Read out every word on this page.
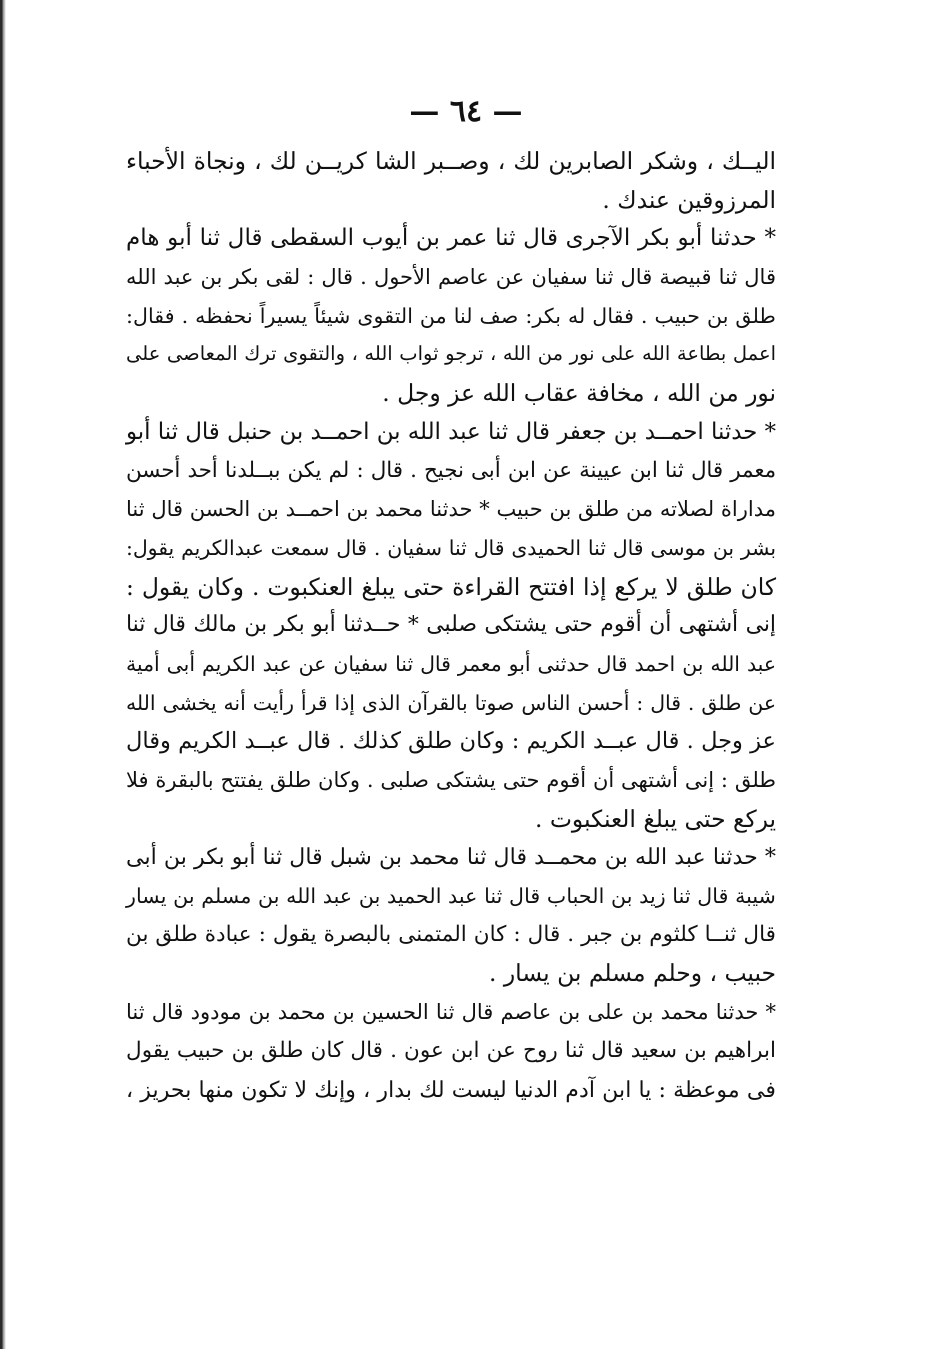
— ٦٤ —
اليــك ، وشكر الصابرين لك ، وصــبر الشا كريــن لك ، ونجاة الأحباء
المرزوقين عندك .
* حدثنا أبو بكر الآجرى قال ثنا عمر بن أيوب السقطى قال ثنا أبو هام
قال ثنا قبيصة قال ثنا سفيان عن عاصم الأحول . قال : لقى بكر بن عبد الله
طلق بن حبيب . فقال له بكر: صف لنا من التقوى شيئاً يسيراً نحفظه . فقال:
اعمل بطاعة الله على نور من الله ، ترجو ثواب الله ، والتقوى ترك المعاصى على
نور من الله ، مخافة عقاب الله عز وجل .
* حدثنا احمــد بن جعفر قال ثنا عبد الله بن احمــد بن حنبل قال ثنا أبو
معمر قال ثنا ابن عيينة عن ابن أبى نجيح . قال : لم يكن ببــلدنا أحد أحسن
مداراة لصلاته من طلق بن حبيب * حدثنا محمد بن احمــد بن الحسن قال ثنا
بشر بن موسى قال ثنا الحميدى قال ثنا سفيان . قال سمعت عبدالكريم يقول:
كان طلق لا يركع إذا افتتح القراءة حتى يبلغ العنكبوت . وكان يقول :
إنى أشتهى أن أقوم حتى يشتكى صلبى * حــدثنا أبو بكر بن مالك قال ثنا
عبد الله بن احمد قال حدثنى أبو معمر قال ثنا سفيان عن عبد الكريم أبى أمية
عن طلق . قال : أحسن الناس صوتا بالقرآن الذى إذا قرأ رأيت أنه يخشى الله
عز وجل . قال عبــد الكريم : وكان طلق كذلك . قال عبــد الكريم وقال
طلق : إنى أشتهى أن أقوم حتى يشتكى صلبى . وكان طلق يفتتح بالبقرة فلا
يركع حتى يبلغ العنكبوت .
* حدثنا عبد الله بن محمــد قال ثنا محمد بن شبل قال ثنا أبو بكر بن أبى
شيبة قال ثنا زيد بن الحباب قال ثنا عبد الحميد بن عبد الله بن مسلم بن يسار
قال ثنــا كلثوم بن جبر . قال : كان المتمنى بالبصرة يقول : عبادة طلق بن
حبيب ، وحلم مسلم بن يسار .
* حدثنا محمد بن على بن عاصم قال ثنا الحسين بن محمد بن مودود قال ثنا
ابراهيم بن سعيد قال ثنا روح عن ابن عون . قال كان طلق بن حبيب يقول
فى موعظة : يا ابن آدم الدنيا ليست لك بدار ، وإنك لا تكون منها بحريز ،
